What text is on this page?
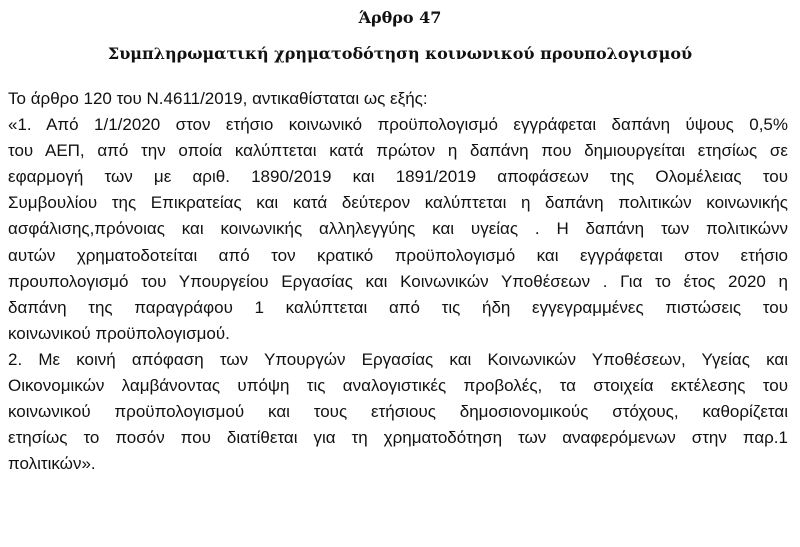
Άρθρο 47
Συμπληρωματική χρηματοδότηση κοινωνικού προυπολογισμού
Το άρθρο 120 του Ν.4611/2019, αντικαθίσταται ως εξής:
«1. Από 1/1/2020 στον ετήσιο κοινωνικό προϋπολογισμό εγγράφεται δαπάνη ύψους 0,5%
του ΑΕΠ, από την οποία καλύπτεται κατά πρώτον η δαπάνη που δημιουργείται ετησίως σε
εφαρμογή των με αριθ. 1890/2019 και 1891/2019 αποφάσεων της Ολομέλειας του
Συμβουλίου της Επικρατείας και κατά δεύτερον καλύπτεται η δαπάνη πολιτικών κοινωνικής
ασφάλισης,πρόνοιας και κοινωνικής αλληλεγγύης και υγείας . Η δαπάνη των πολιτικώνν
αυτών χρηματοδοτείται από τον κρατικό προϋπολογισμό και εγγράφεται στον ετήσιο
προυπολογισμό του Υπουργείου Εργασίας και Κοινωνικών Υποθέσεων . Για το έτος 2020 η
δαπάνη της παραγράφου 1 καλύπτεται από τις ήδη εγγεγραμμένες πιστώσεις του
κοινωνικού προϋπολογισμού.
2. Με κοινή απόφαση των Υπουργών Εργασίας και Κοινωνικών Υποθέσεων, Υγείας και
Οικονομικών λαμβάνοντας υπόψη τις αναλογιστικές προβολές, τα στοιχεία εκτέλεσης του
κοινωνικού προϋπολογισμού και τους ετήσιους δημοσιονομικούς στόχους, καθορίζεται
ετησίως το ποσόν που διατίθεται για τη χρηματοδότηση των αναφερόμενων στην παρ.1
πολιτικών».
